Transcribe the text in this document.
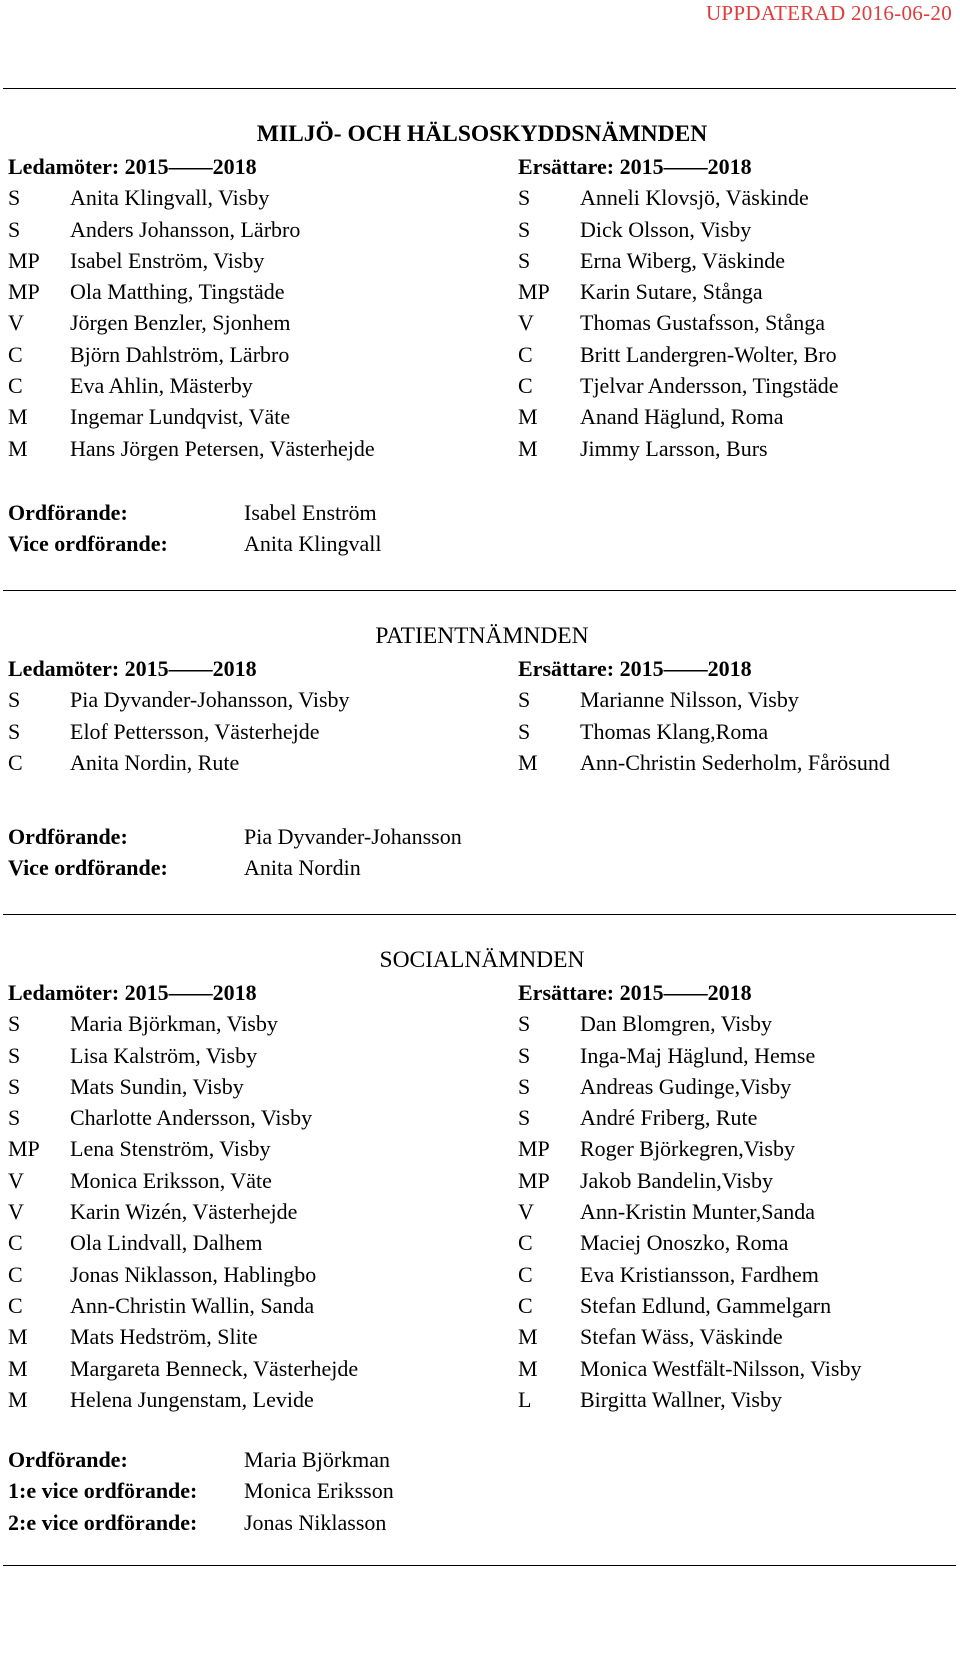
UPPDATERAD 2016-06-20
MILJÖ- OCH HÄLSOSKYDDSNÄMNDEN
Ledamöter: 2015——2018
S Anita Klingvall, Visby
S Anders Johansson, Lärbro
MP Isabel Enström, Visby
MP Ola Matthing, Tingstäde
V Jörgen Benzler, Sjonhem
C Björn Dahlström, Lärbro
C Eva Ahlin, Mästerby
M Ingemar Lundqvist, Väte
M Hans Jörgen Petersen, Västerhejde
Ersättare: 2015——2018
S Anneli Klovsjö, Väskinde
S Dick Olsson, Visby
S Erna Wiberg, Väskinde
MP Karin Sutare, Stånga
V Thomas Gustafsson, Stånga
C Britt Landergren-Wolter, Bro
C Tjelvar Andersson, Tingstäde
M Anand Häglund, Roma
M Jimmy Larsson, Burs
Ordförande:	Isabel Enström
Vice ordförande:	Anita Klingvall
PATIENTNÄMNDEN
Ledamöter: 2015——2018
S Pia Dyvander-Johansson, Visby
S Elof Pettersson, Västerhejde
C Anita Nordin, Rute
Ersättare: 2015——2018
S Marianne Nilsson, Visby
S Thomas Klang,Roma
M Ann-Christin Sederholm, Fårösund
Ordförande:	Pia Dyvander-Johansson
Vice ordförande:	Anita Nordin
SOCIALNÄMNDEN
Ledamöter: 2015——2018
S Maria Björkman, Visby
S Lisa Kalström, Visby
S Mats Sundin, Visby
S Charlotte Andersson, Visby
MP Lena Stenström, Visby
V Monica Eriksson, Väte
V Karin Wizén, Västerhejde
C Ola Lindvall, Dalhem
C Jonas Niklasson, Hablingbo
C Ann-Christin Wallin, Sanda
M Mats Hedström, Slite
M Margareta Benneck, Västerhejde
M Helena Jungenstam, Levide
Ersättare: 2015——2018
S Dan Blomgren, Visby
S Inga-Maj Häglund, Hemse
S Andreas Gudinge,Visby
S André Friberg, Rute
MP Roger Björkegren,Visby
MP Jakob Bandelin,Visby
V Ann-Kristin Munter,Sanda
C Maciej Onoszko, Roma
C Eva Kristiansson, Fardhem
C Stefan Edlund, Gammelgarn
M Stefan Wäss, Väskinde
M Monica Westfält-Nilsson, Visby
L Birgitta Wallner, Visby
Ordförande:	Maria Björkman
1:e vice ordförande: Monica Eriksson
2:e vice ordförande: Jonas Niklasson
